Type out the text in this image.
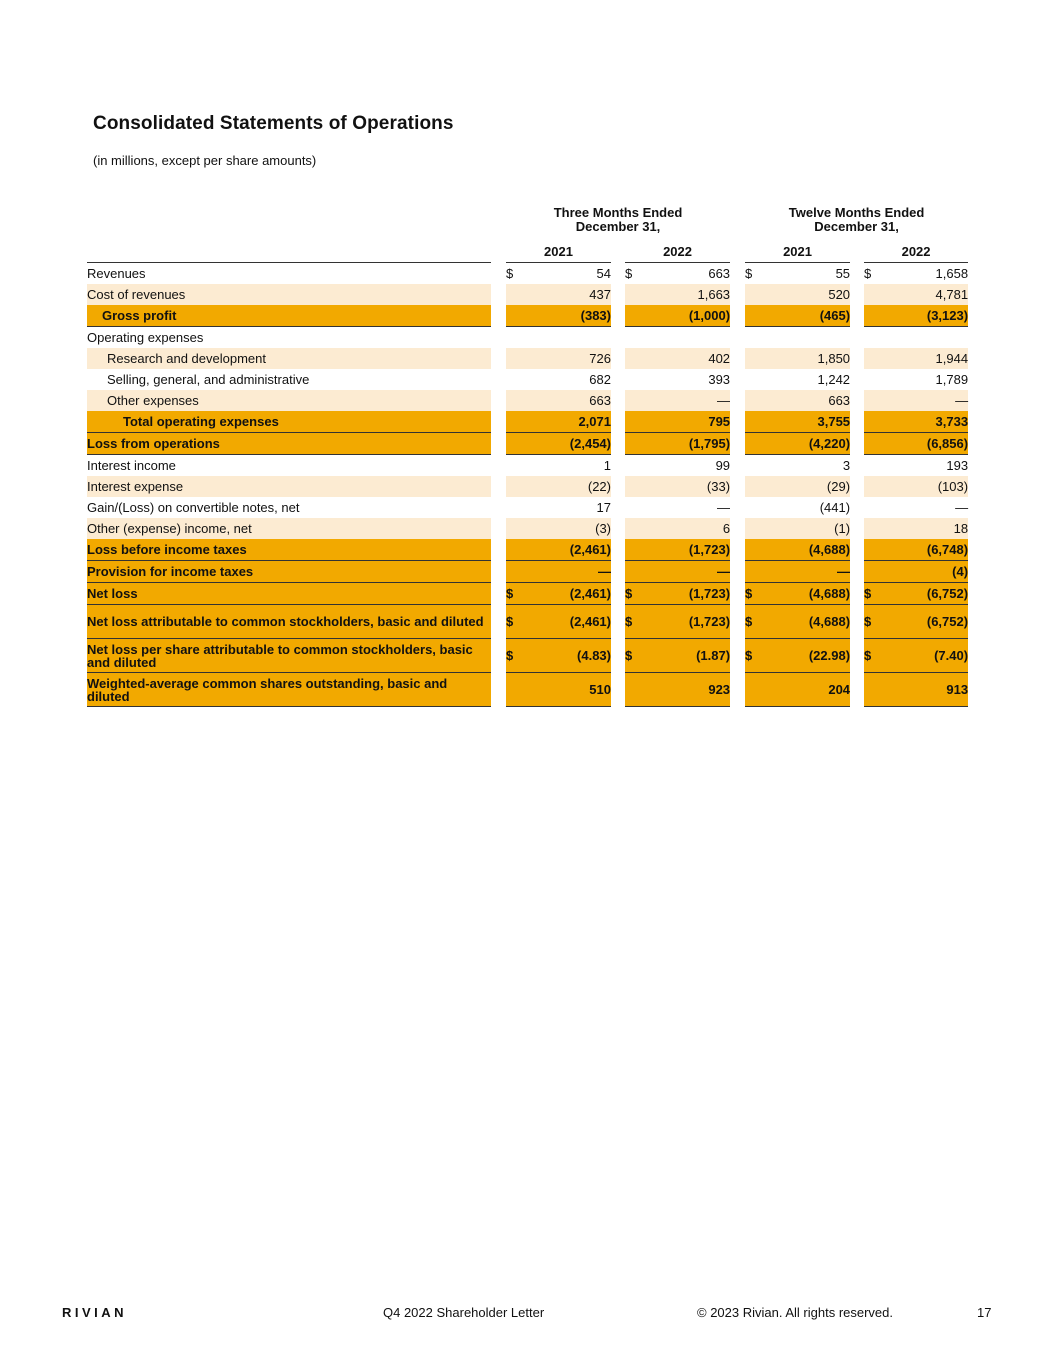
Consolidated Statements of Operations
(in millions, except per share amounts)
		Three Months Ended
December 31,						Twelve Months Ended
December 31,				
		2021			2022			2021			2022	
Revenues		$	54		$	663		$	55		$	1,658
Cost of revenues			437			1,663			520			4,781
Gross profit			(383)			(1,000)			(465)			(3,123)
Operating expenses												
Research and development			726			402			1,850			1,944
Selling, general, and administrative			682			393			1,242			1,789
Other expenses			663			—			663			—
Total operating expenses			2,071			795			3,755			3,733
Loss from operations			(2,454)			(1,795)			(4,220)			(6,856)
Interest income			1			99			3			193
Interest expense			(22)			(33)			(29)			(103)
Gain/(Loss) on convertible notes, net			17			—			(441)			—
Other (expense) income, net			(3)			6			(1)			18
Loss before income taxes			(2,461)			(1,723)			(4,688)			(6,748)
Provision for income taxes			—			—			—			(4)
Net loss		$	(2,461)		$	(1,723)		$	(4,688)		$	(6,752)
Net loss attributable to common stockholders, basic and diluted		$	(2,461)		$	(1,723)		$	(4,688)		$	(6,752)
Net loss per share attributable to common stockholders, basic and diluted		$	(4.83)		$	(1.87)		$	(22.98)		$	(7.40)
Weighted-average common shares outstanding, basic and diluted			510			923			204			913
RIVIAN	Q4 2022 Shareholder Letter	© 2023 Rivian. All rights reserved.	17
